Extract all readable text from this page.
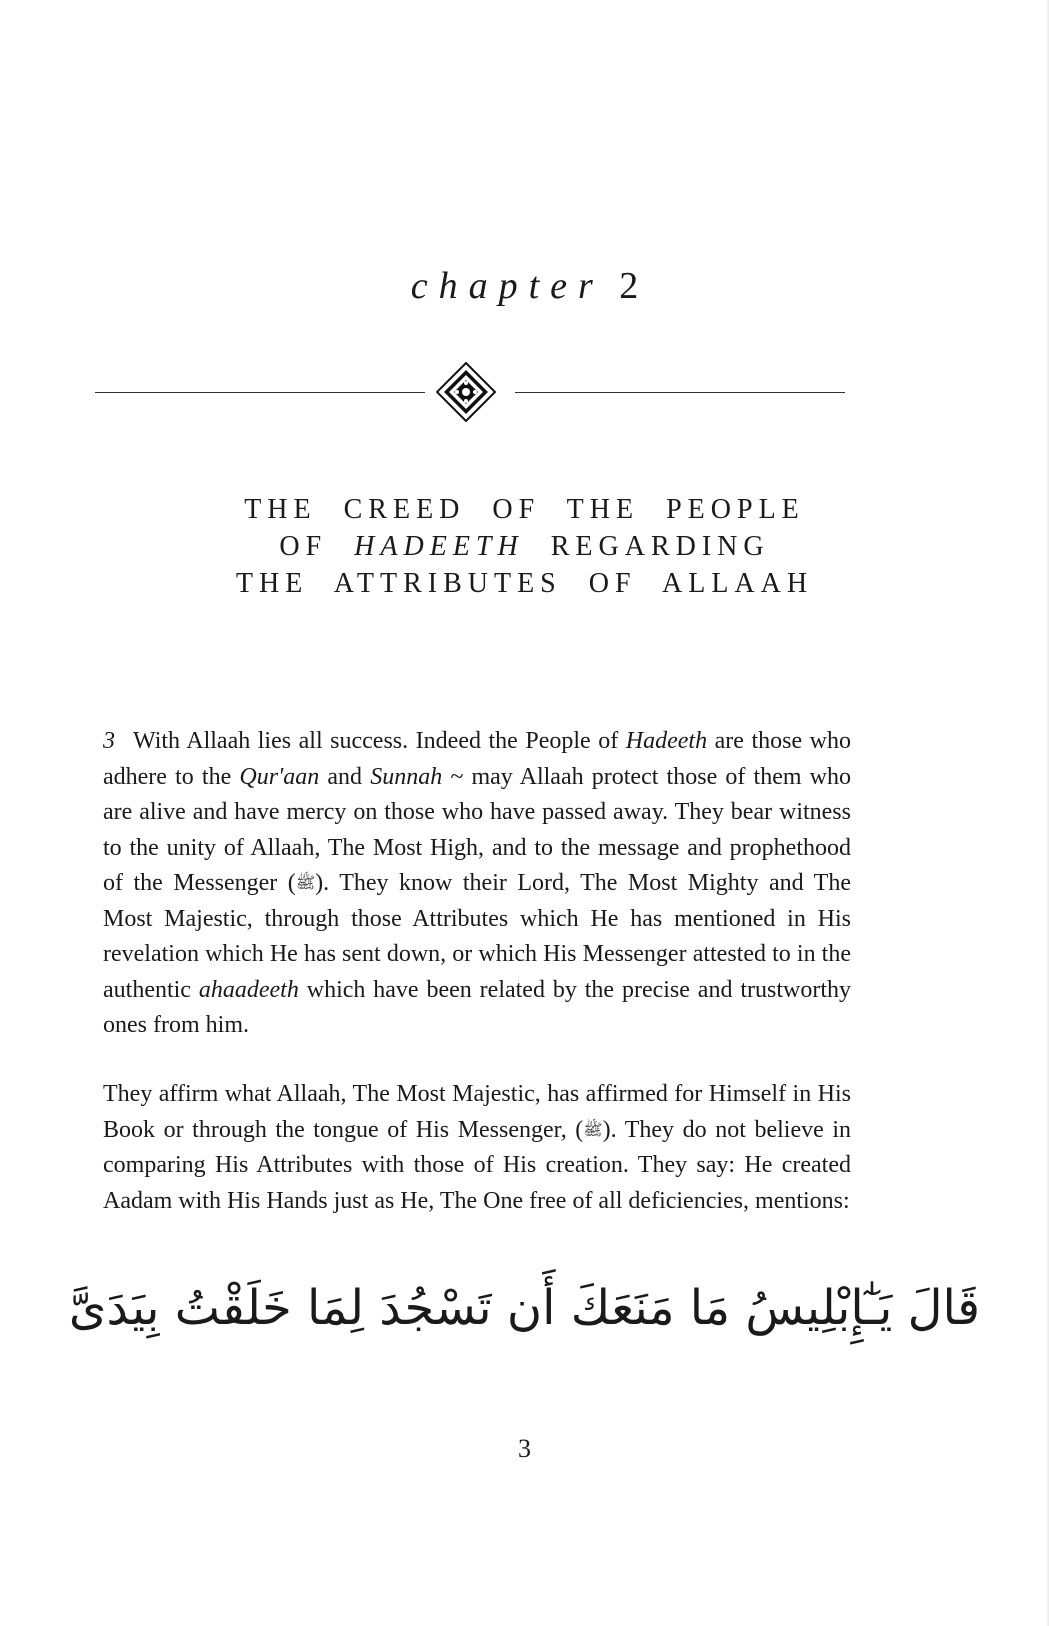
chapter 2
THE CREED OF THE PEOPLE
OF HADEETH REGARDING
THE ATTRIBUTES OF ALLAAH
3 With Allaah lies all success. Indeed the People of Hadeeth are those who adhere to the Qur'aan and Sunnah ~ may Allaah protect those of them who are alive and have mercy on those who have passed away. They bear witness to the unity of Allaah, The Most High, and to the message and prophethood of the Messenger (ﷺ). They know their Lord, The Most Mighty and The Most Majestic, through those Attributes which He has mentioned in His revelation which He has sent down, or which His Messenger attested to in the authentic ahaadeeth which have been related by the precise and trustworthy ones from him.
They affirm what Allaah, The Most Majestic, has affirmed for Himself in His Book or through the tongue of His Messenger, (ﷺ). They do not believe in comparing His Attributes with those of His creation. They say: He created Aadam with His Hands just as He, The One free of all deficiencies, mentions:
قَالَ يَـٰٓإِبْلِيسُ مَا مَنَعَكَ أَن تَسْجُدَ لِمَا خَلَقْتُ بِيَدَىَّ
3
